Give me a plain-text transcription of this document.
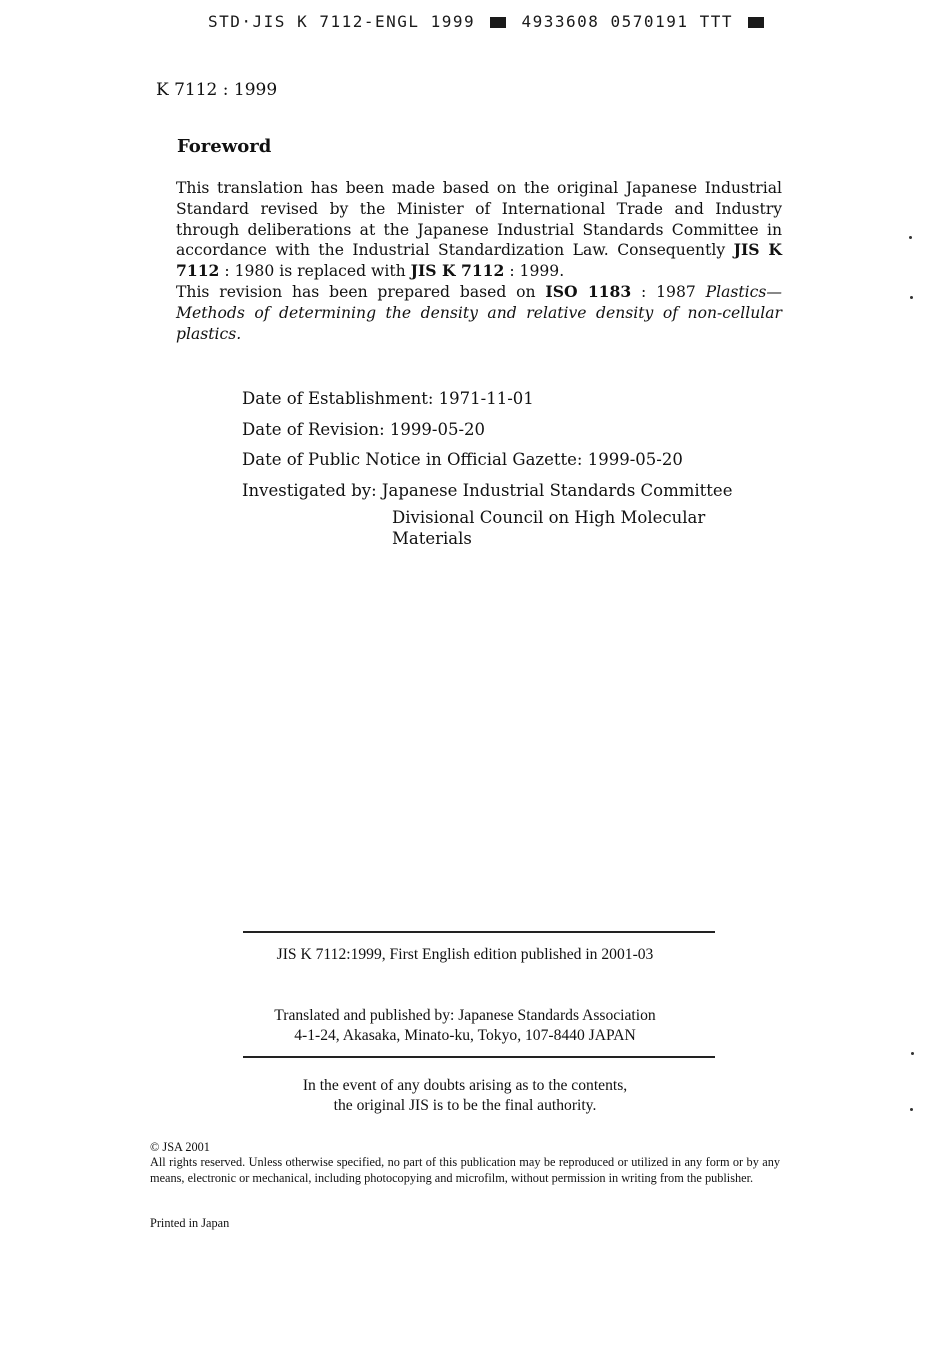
STD·JIS K 7112-ENGL 1999	4933608 0570191 TTT
K 7112 : 1999
Foreword

This translation has been made based on the original Japanese Industrial Standard revised by the Minister of International Trade and Industry through deliberations at the Japanese Industrial Standards Committee in accordance with the Industrial Standardization Law. Consequently JIS K 7112 : 1980 is replaced with JIS K 7112 : 1999.

This revision has been prepared based on ISO 1183 : 1987 Plastics— Methods of determining the density and relative density of non-cellular plastics.

Date of Establishment: 1971-11-01
Date of Revision: 1999-05-20
Date of Public Notice in Official Gazette: 1999-05-20
Investigated by: Japanese Industrial Standards Committee
Divisional Council on High Molecular
Materials
JIS K 7112:1999, First English edition published in 2001-03
Translated and published by: Japanese Standards Association
4-1-24, Akasaka, Minato-ku, Tokyo, 107-8440 JAPAN
In the event of any doubts arising as to the contents,
the original JIS is to be the final authority.
© JSA 2001
All rights reserved. Unless otherwise specified, no part of this publication may be reproduced or utilized in any form or by any means, electronic or mechanical, including photocopying and microfilm, without permission in writing from the publisher.
Printed in Japan
